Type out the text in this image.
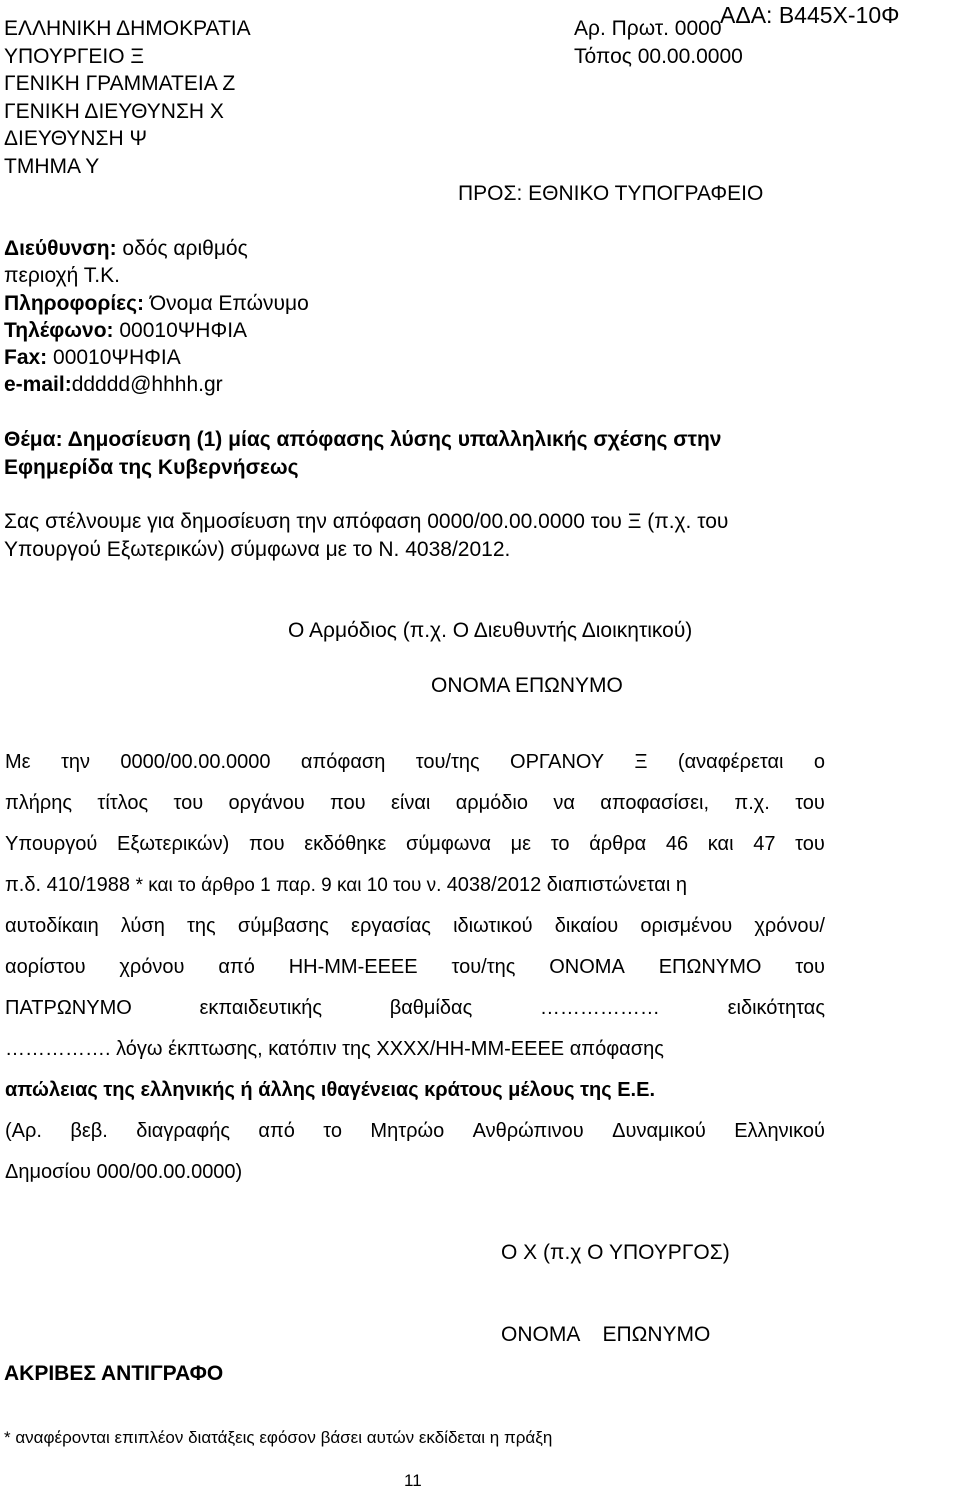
ΑΔΑ: Β445Χ-10Φ
ΕΛΛΗΝΙΚΗ ΔΗΜΟΚΡΑΤΙΑ
ΥΠΟΥΡΓΕΙΟ Ξ
ΓΕΝΙΚΗ ΓΡΑΜΜΑΤΕΙΑ Ζ
ΓΕΝΙΚΗ ΔΙΕΥΘΥΝΣΗ Χ
ΔΙΕΥΘΥΝΣΗ Ψ
ΤΜΗΜΑ Υ
Αρ. Πρωτ. 0000
Τόπος 00.00.0000
ΠΡΟΣ: ΕΘΝΙΚΟ ΤΥΠΟΓΡΑΦΕΙΟ
Διεύθυνση: οδός αριθμός
περιοχή Τ.Κ.
Πληροφορίες: Όνομα Επώνυμο
Τηλέφωνο: 00010ΨΗΦΙΑ
Fax: 00010ΨΗΦΙΑ
e-mail:ddddd@hhhh.gr
Θέμα: Δημοσίευση (1) μίας απόφασης λύσης υπαλληλικής σχέσης στην
Εφημερίδα της Κυβερνήσεως
Σας στέλνουμε για δημοσίευση την απόφαση 0000/00.00.0000 του Ξ (π.χ. του
Υπουργού Εξωτερικών) σύμφωνα με το Ν. 4038/2012.
Ο Αρμόδιος (π.χ. Ο Διευθυντής Διοικητικού)
ΟΝΟΜΑ ΕΠΩΝΥΜΟ
Με την 0000/00.00.0000 απόφαση του/της ΟΡΓΑΝΟΥ Ξ (αναφέρεται ο
πλήρης τίτλος του οργάνου που είναι αρμόδιο να αποφασίσει, π.χ. του
Υπουργού Εξωτερικών) που εκδόθηκε σύμφωνα με το άρθρα 46 και 47 του
π.δ. 410/1988 * και το άρθρο 1 παρ. 9 και 10 του ν. 4038/2012 διαπιστώνεται η
αυτοδίκαιη λύση της σύμβασης εργασίας ιδιωτικού δικαίου ορισμένου χρόνου/
αορίστου χρόνου από ΗΗ-ΜΜ-ΕΕΕΕ του/της ΟΝΟΜΑ ΕΠΩΝΥΜΟ του
ΠΑΤΡΩΝΥΜΟ	εκπαιδευτικής	βαθμίδας	………………	ειδικότητας
……………. λόγω έκπτωσης, κατόπιν της ΧΧΧΧ/ΗΗ-ΜΜ-ΕΕΕΕ απόφασης
απώλειας της ελληνικής ή άλλης ιθαγένειας κράτους μέλους της Ε.Ε.
(Αρ. βεβ. διαγραφής από το Μητρώο Ανθρώπινου Δυναμικού Ελληνικού
Δημοσίου 000/00.00.0000)
Ο Χ (π.χ Ο ΥΠΟΥΡΓΟΣ)
ΟΝΟΜΑ    ΕΠΩΝΥΜΟ
ΑΚΡΙΒΕΣ ΑΝΤΙΓΡΑΦΟ
* αναφέρονται επιπλέον διατάξεις εφόσον βάσει αυτών εκδίδεται η πράξη
11
